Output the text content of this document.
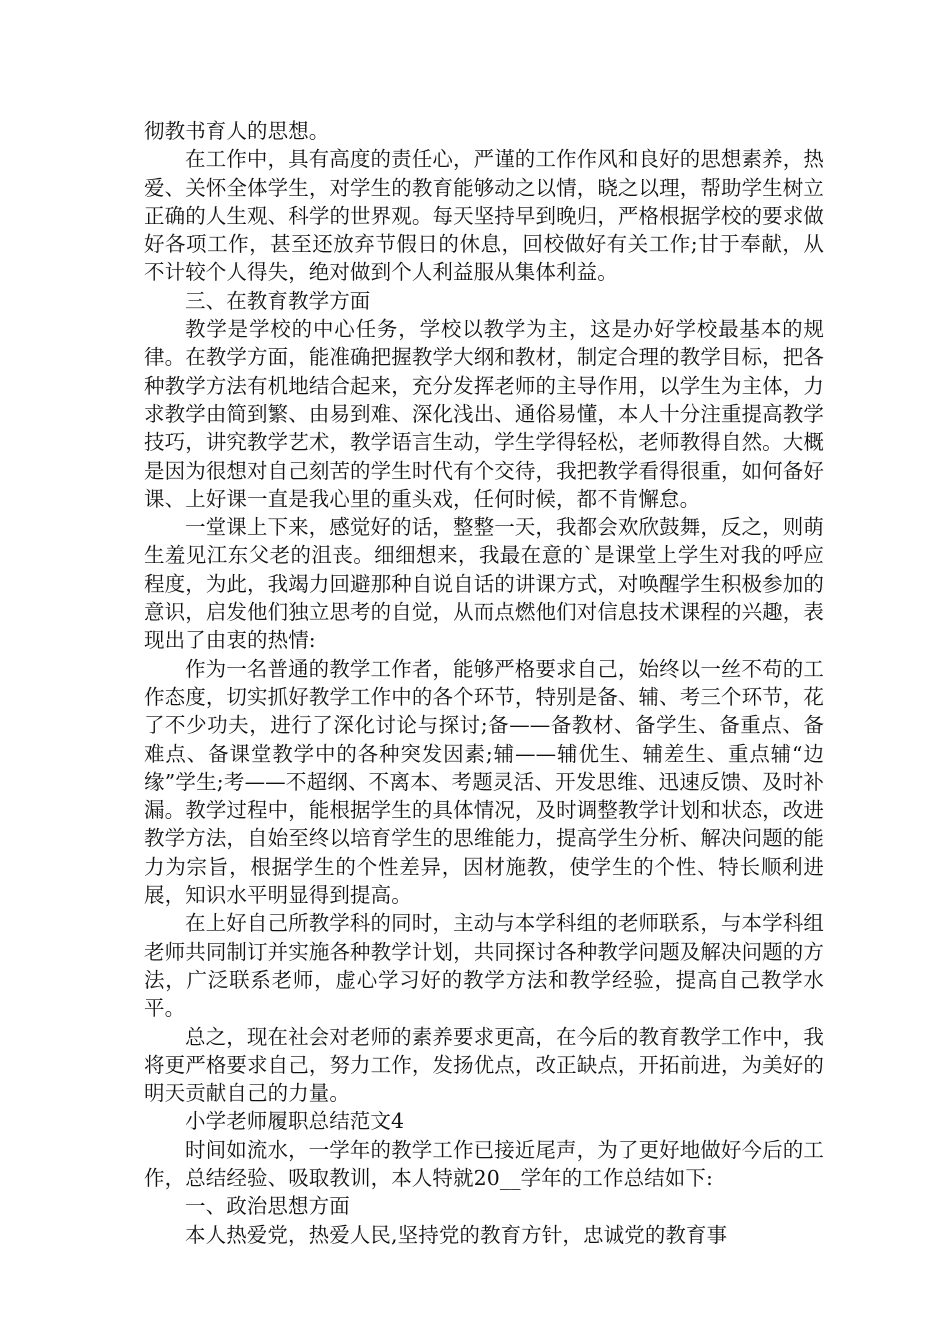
彻教书育人的思想。

在工作中，具有高度的责任心，严谨的工作作风和良好的思想素养，热爱、关怀全体学生，对学生的教育能够动之以情，晓之以理，帮助学生树立正确的人生观、科学的世界观。每天坚持早到晚归，严格根据学校的要求做好各项工作，甚至还放弃节假日的休息，回校做好有关工作;甘于奉献，从不计较个人得失，绝对做到个人利益服从集体利益。

三、在教育教学方面

教学是学校的中心任务，学校以教学为主，这是办好学校最基本的规律。在教学方面，能准确把握教学大纲和教材，制定合理的教学目标，把各种教学方法有机地结合起来，充分发挥老师的主导作用，以学生为主体，力求教学由简到繁、由易到难、深化浅出、通俗易懂，本人十分注重提高教学技巧，讲究教学艺术，教学语言生动，学生学得轻松，老师教得自然。大概是因为很想对自己刻苦的学生时代有个交待，我把教学看得很重，如何备好课、上好课一直是我心里的重头戏，任何时候，都不肯懈怠。

一堂课上下来，感觉好的话，整整一天，我都会欢欣鼓舞，反之，则萌生羞见江东父老的沮丧。细细想来，我最在意的`是课堂上学生对我的呼应程度，为此，我竭力回避那种自说自话的讲课方式，对唤醒学生积极参加的意识，启发他们独立思考的自觉，从而点燃他们对信息技术课程的兴趣，表现出了由衷的热情:

作为一名普通的教学工作者，能够严格要求自己，始终以一丝不苟的工作态度，切实抓好教学工作中的各个环节，特别是备、辅、考三个环节，花了不少功夫，进行了深化讨论与探讨;备——备教材、备学生、备重点、备难点、备课堂教学中的各种突发因素;辅——辅优生、辅差生、重点辅“边缘”学生;考——不超纲、不离本、考题灵活、开发思维、迅速反馈、及时补漏。教学过程中，能根据学生的具体情况，及时调整教学计划和状态，改进教学方法，自始至终以培育学生的思维能力，提高学生分析、解决问题的能力为宗旨，根据学生的个性差异，因材施教，使学生的个性、特长顺利进展，知识水平明显得到提高。

在上好自己所教学科的同时，主动与本学科组的老师联系，与本学科组老师共同制订并实施各种教学计划，共同探讨各种教学问题及解决问题的方法，广泛联系老师，虚心学习好的教学方法和教学经验，提高自己教学水平。

总之，现在社会对老师的素养要求更高，在今后的教育教学工作中，我将更严格要求自己，努力工作，发扬优点，改正缺点，开拓前进，为美好的明天贡献自己的力量。

小学老师履职总结范文4

时间如流水，一学年的教学工作已接近尾声，为了更好地做好今后的工作，总结经验、吸取教训，本人特就20__学年的工作总结如下:

一、政治思想方面

本人热爱党，热爱人民,坚持党的教育方针，忠诚党的教育事
